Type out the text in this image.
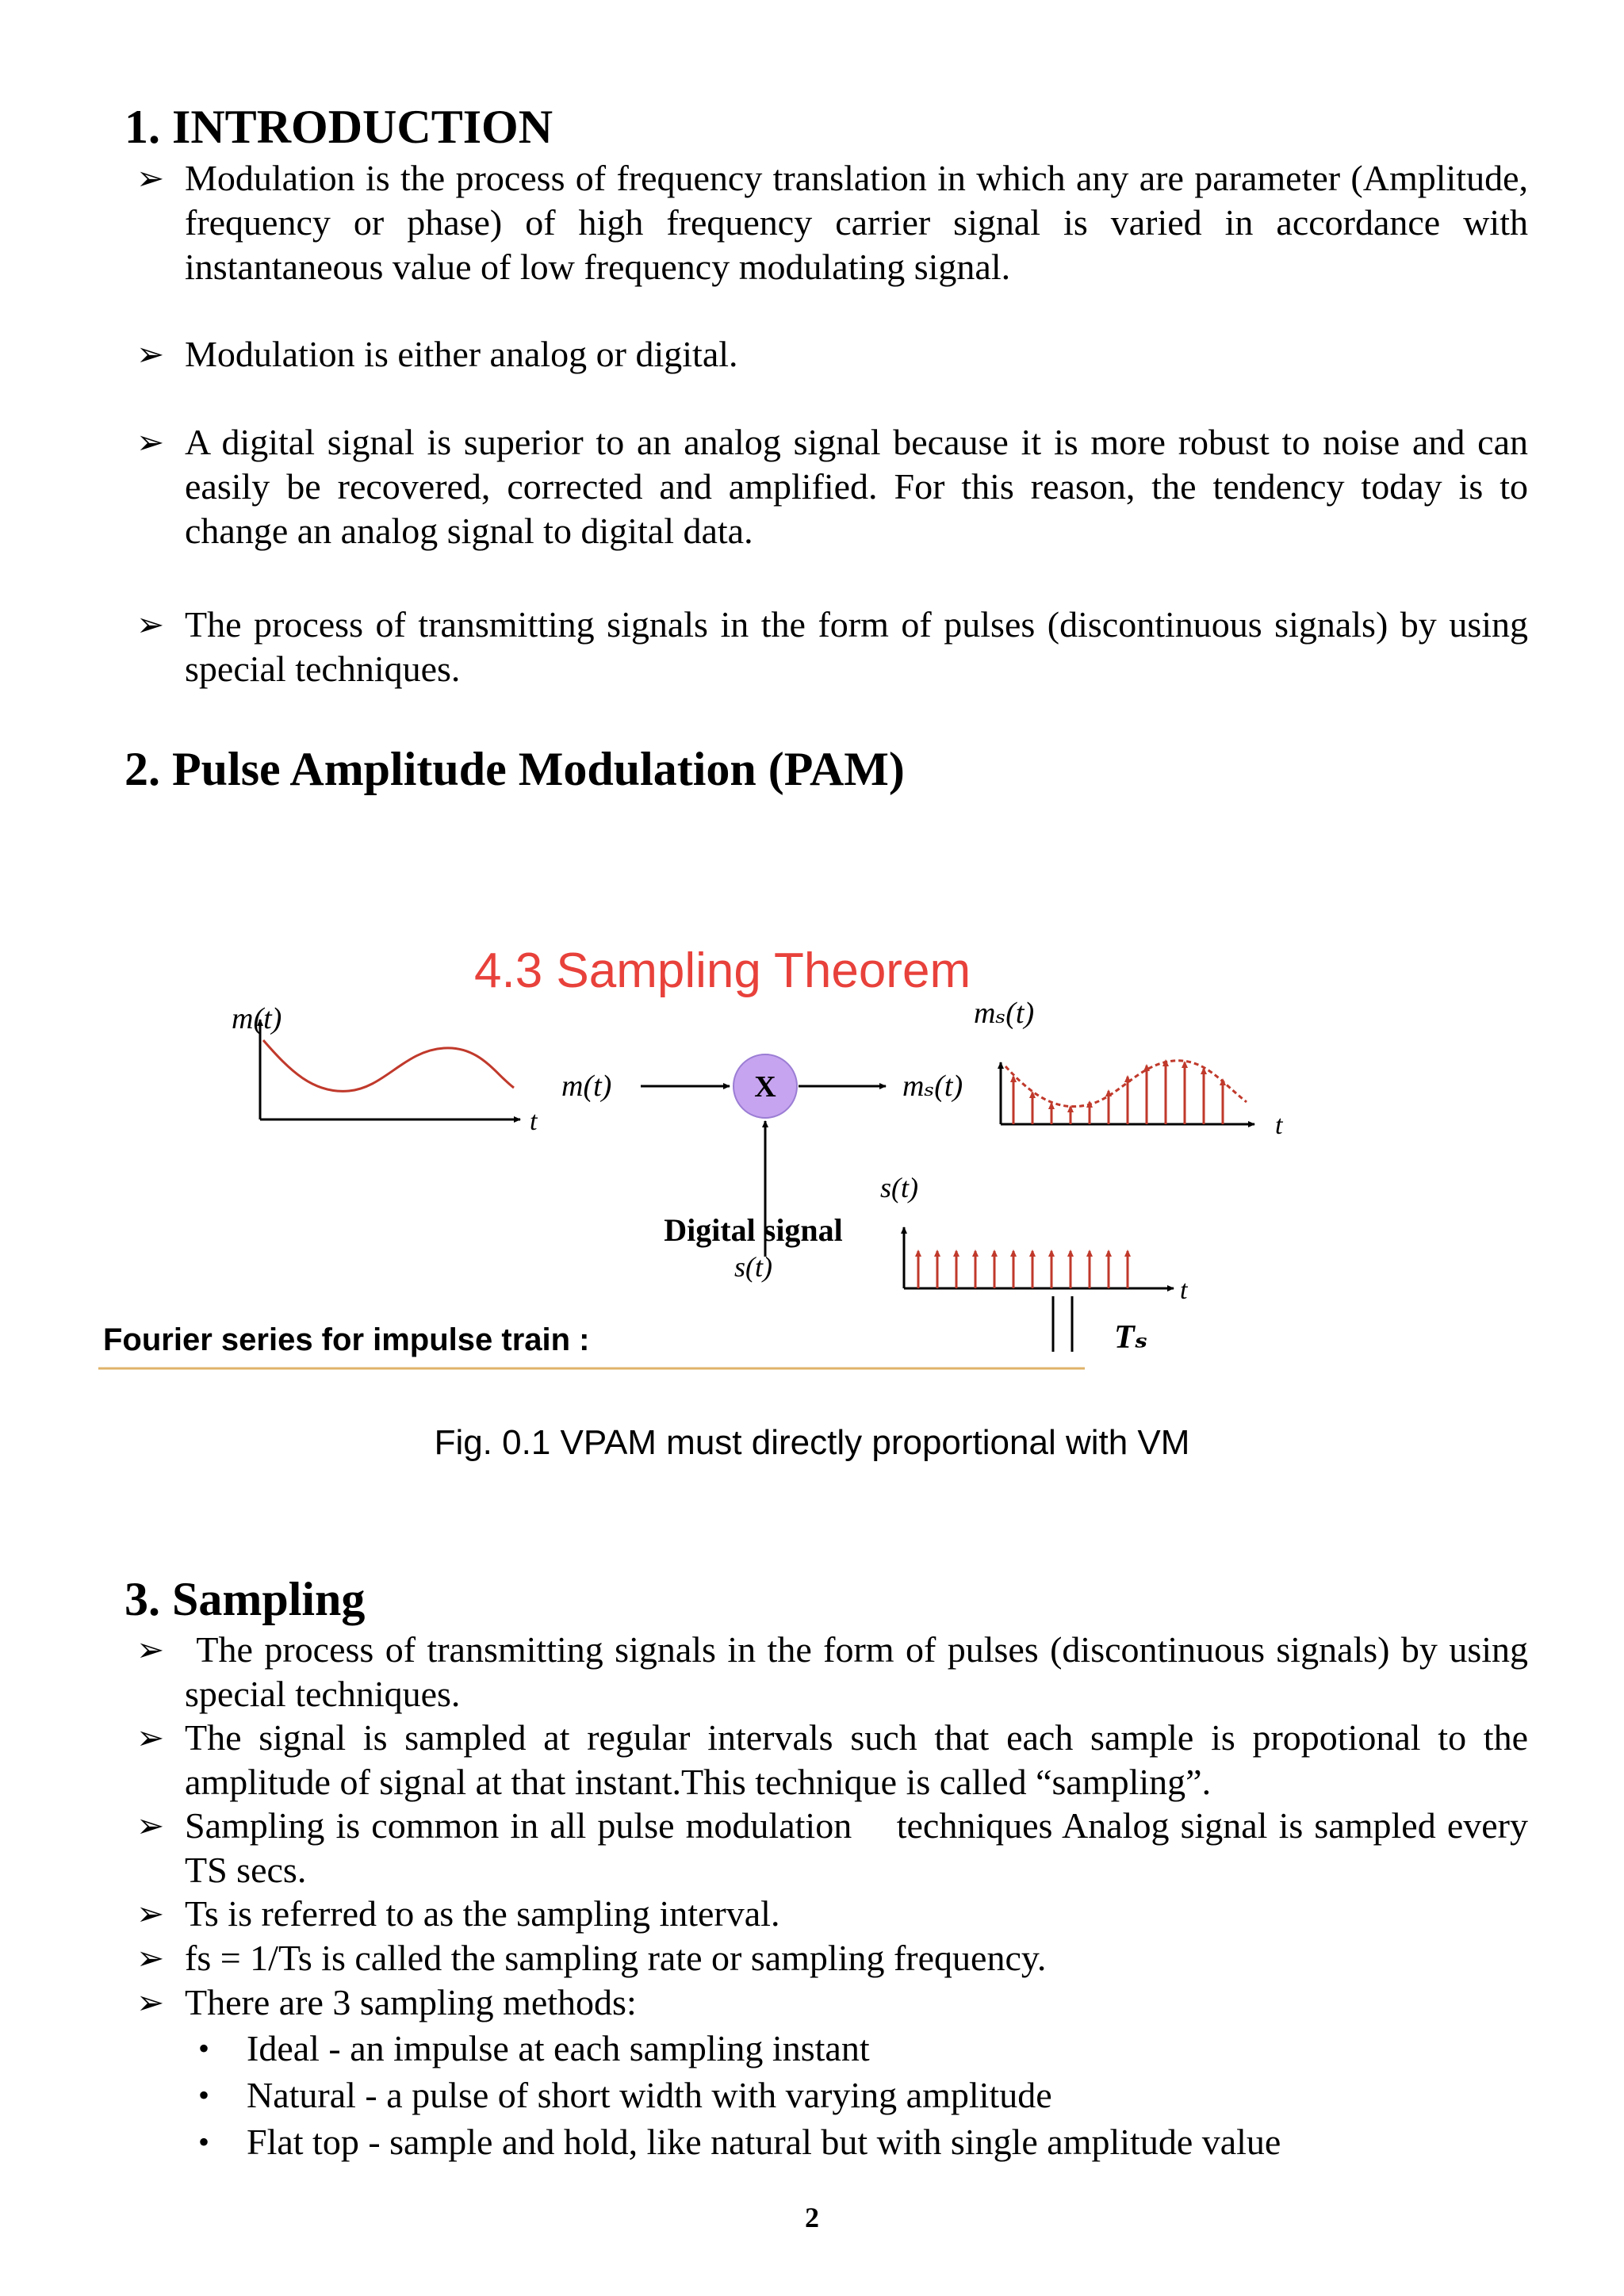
1. INTRODUCTION
➢ Modulation is the process of frequency translation in which any are parameter (Amplitude, frequency or phase) of high frequency carrier signal is varied in accordance with instantaneous value of low frequency modulating signal.
➢ Modulation is either analog or digital.
➢ A digital signal is superior to an analog signal because it is more robust to noise and can easily be recovered, corrected and amplified. For this reason, the tendency today is to change an analog signal to digital data.
➢ The process of transmitting signals in the form of pulses (discontinuous signals) by using special techniques.
2. Pulse Amplitude Modulation (PAM)
4.3 Sampling Theorem
m(t)
t
m(t)	X	mₛ(t)
Digital signal
s(t)
mₛ(t)
t
s(t)
t
Tₛ
Fourier series for impulse train :
Fig. 0.1 VPAM must directly proportional with VM
3. Sampling
➢ The process of transmitting signals in the form of pulses (discontinuous signals) by using special techniques.
➢ The signal is sampled at regular intervals such that each sample is propotional to the amplitude of signal at that instant.This technique is called “sampling”.
➢ Sampling is common in all pulse modulation    techniques Analog signal is sampled every TS secs.
➢ Ts is referred to as the sampling interval.
➢ fs = 1/Ts is called the sampling rate or sampling frequency.
➢ There are 3 sampling methods:
• Ideal - an impulse at each sampling instant
• Natural - a pulse of short width with varying amplitude
• Flat top - sample and hold, like natural but with single amplitude value
2
